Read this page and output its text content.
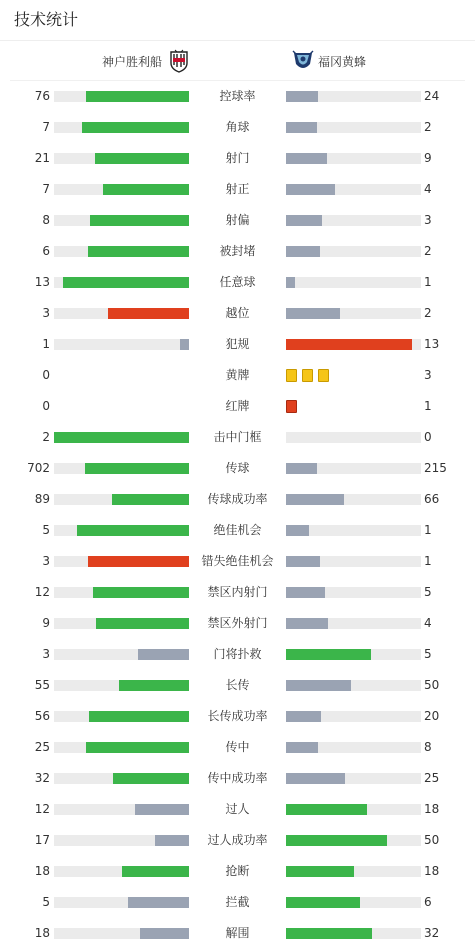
技术统计
神户胜利船	福冈黄蜂
76	控球率	24
7	角球	2
21	射门	9
7	射正	4
8	射偏	3
6	被封堵	2
13	任意球	1
3	越位	2
1	犯规	13
0	黄牌	3
0	红牌	1
2	击中门框	0
702	传球	215
89	传球成功率	66
5	绝佳机会	1
3	错失绝佳机会	1
12	禁区内射门	5
9	禁区外射门	4
3	门将扑救	5
55	长传	50
56	长传成功率	20
25	传中	8
32	传中成功率	25
12	过人	18
17	过人成功率	50
18	抢断	18
5	拦截	6
18	解围	32
